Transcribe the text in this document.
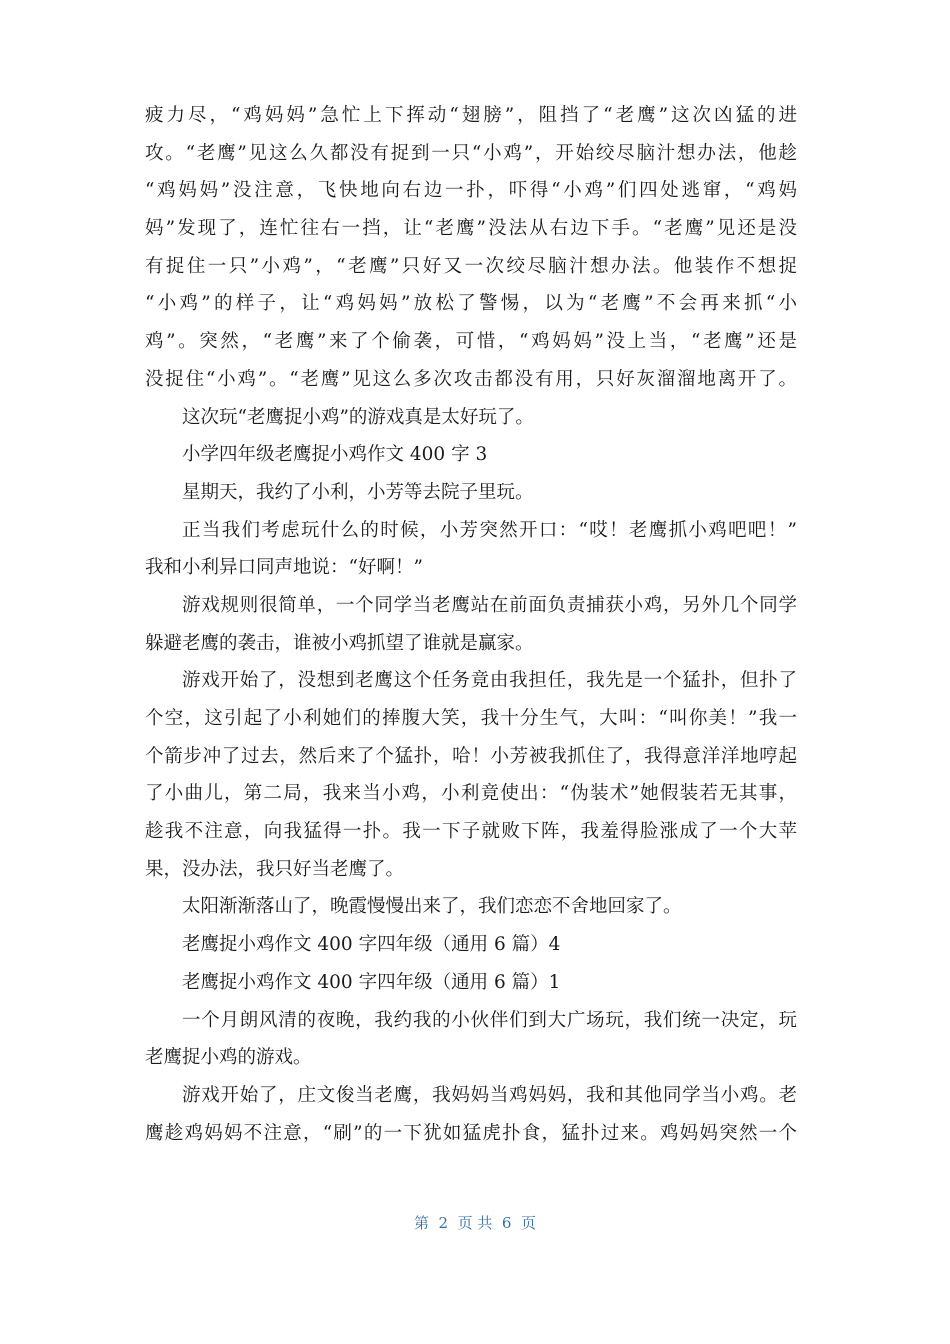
疲力尽，“鸡妈妈”急忙上下挥动“翅膀”，阻挡了“老鹰”这次凶猛的进
攻。“老鹰”见这么久都没有捉到一只“小鸡”，开始绞尽脑汁想办法，他趁
“鸡妈妈”没注意，飞快地向右边一扑，吓得“小鸡”们四处逃窜，“鸡妈
妈”发现了，连忙往右一挡，让“老鹰”没法从右边下手。“老鹰”见还是没
有捉住一只”小鸡”，“老鹰”只好又一次绞尽脑汁想办法。他装作不想捉
“小鸡”的样子，让“鸡妈妈”放松了警惕，以为“老鹰”不会再来抓“小
鸡”。突然，“老鹰”来了个偷袭，可惜，“鸡妈妈”没上当，“老鹰”还是
没捉住“小鸡”。“老鹰”见这么多次攻击都没有用，只好灰溜溜地离开了。
这次玩“老鹰捉小鸡”的游戏真是太好玩了。
小学四年级老鹰捉小鸡作文 400 字 3
星期天，我约了小利，小芳等去院子里玩。
正当我们考虑玩什么的时候，小芳突然开口：“哎！老鹰抓小鸡吧吧！”
我和小利异口同声地说：“好啊！”
游戏规则很简单，一个同学当老鹰站在前面负责捕获小鸡，另外几个同学
躲避老鹰的袭击，谁被小鸡抓望了谁就是赢家。
游戏开始了，没想到老鹰这个任务竟由我担任，我先是一个猛扑，但扑了
个空，这引起了小利她们的捧腹大笑，我十分生气，大叫：“叫你美！”我一
个箭步冲了过去，然后来了个猛扑，哈！小芳被我抓住了，我得意洋洋地哼起
了小曲儿，第二局，我来当小鸡，小利竟使出：“伪装术”她假装若无其事，
趁我不注意，向我猛得一扑。我一下子就败下阵，我羞得脸涨成了一个大苹
果，没办法，我只好当老鹰了。
太阳渐渐落山了，晚霞慢慢出来了，我们恋恋不舍地回家了。
老鹰捉小鸡作文 400 字四年级（通用 6 篇）4
老鹰捉小鸡作文 400 字四年级（通用 6 篇）1
一个月朗风清的夜晚，我约我的小伙伴们到大广场玩，我们统一决定，玩
老鹰捉小鸡的游戏。
游戏开始了，庄文俊当老鹰，我妈妈当鸡妈妈，我和其他同学当小鸡。老
鹰趁鸡妈妈不注意，“刷”的一下犹如猛虎扑食，猛扑过来。鸡妈妈突然一个
第  2  页 共  6  页
